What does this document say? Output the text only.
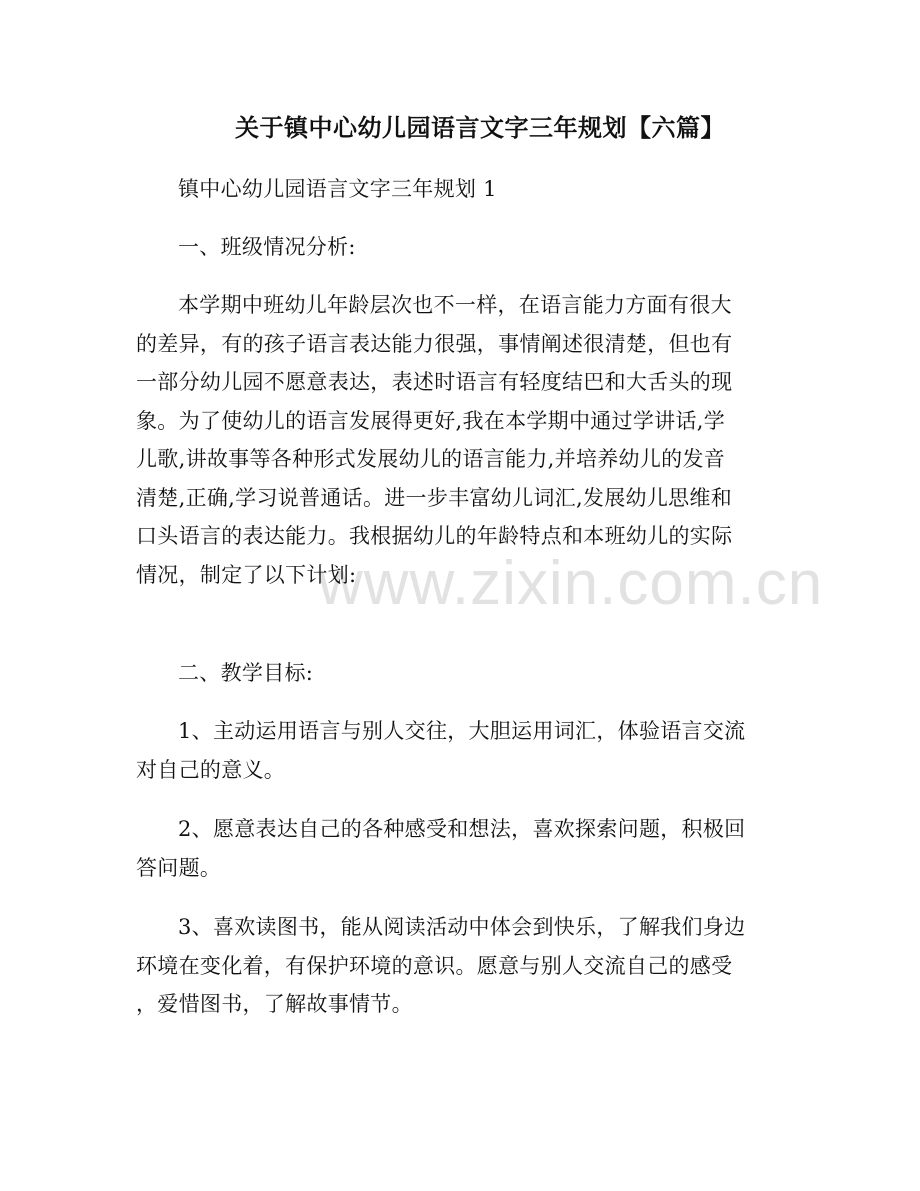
关于镇中心幼儿园语言文字三年规划【六篇】
www.zixin.com.cn

镇中心幼儿园语言文字三年规划 1

一、班级情况分析:

本学期中班幼儿年龄层次也不一样，在语言能力方面有很大
的差异，有的孩子语言表达能力很强，事情阐述很清楚，但也有
一部分幼儿园不愿意表达，表述时语言有轻度结巴和大舌头的现
象。为了使幼儿的语言发展得更好,我在本学期中通过学讲话,学
儿歌,讲故事等各种形式发展幼儿的语言能力,并培养幼儿的发音
清楚,正确,学习说普通话。进一步丰富幼儿词汇,发展幼儿思维和
口头语言的表达能力。我根据幼儿的年龄特点和本班幼儿的实际
情况，制定了以下计划:

二、教学目标:

1、主动运用语言与别人交往，大胆运用词汇，体验语言交流
对自己的意义。

2、愿意表达自己的各种感受和想法，喜欢探索问题，积极回
答问题。

3、喜欢读图书，能从阅读活动中体会到快乐，了解我们身边
环境在变化着，有保护环境的意识。愿意与别人交流自己的感受
，爱惜图书，了解故事情节。
